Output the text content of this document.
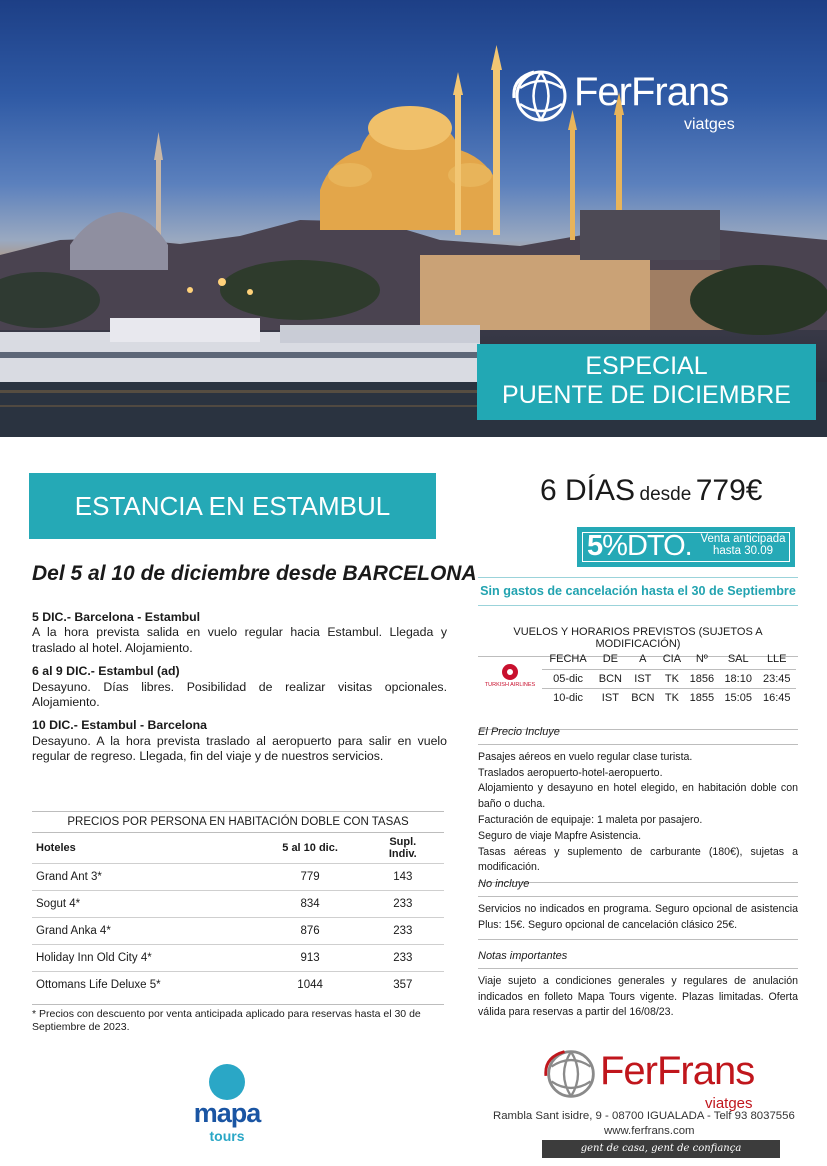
FerFrans
viatges
ESPECIAL
PUENTE DE DICIEMBRE
ESTANCIA EN ESTAMBUL
Del 5 al 10 de diciembre desde BARCELONA
5 DIC.- Barcelona - Estambul
A la hora prevista salida en vuelo regular hacia Estambul. Llegada y traslado al hotel. Alojamiento.
6 al 9 DIC.- Estambul (ad)
Desayuno. Días libres. Posibilidad de realizar visitas opcionales. Alojamiento.
10 DIC.- Estambul - Barcelona
Desayuno. A la hora prevista traslado al aeropuerto para salir en vuelo regular de regreso. Llegada, fin del viaje y de nuestros servicios.
PRECIOS POR PERSONA EN HABITACIÓN DOBLE CON TASAS
Hoteles	5 al 10 dic.	Supl.
Indiv.
Grand Ant 3*	779	143
Sogut 4*	834	233
Grand Anka 4*	876	233
Holiday Inn Old City 4*	913	233
Ottomans Life Deluxe 5*	1044	357
* Precios con descuento por venta anticipada aplicado para reservas hasta el 30 de Septiembre de 2023.
mapa
tours
6 DÍAS desde 779€
5%DTO. Venta anticipada
hasta 30.09
Sin gastos de cancelación hasta el 30 de Septiembre
VUELOS Y HORARIOS PREVISTOS (SUJETOS A MODIFICACIÓN)
TURKISH AIRLINES
FECHA	DE	A	CIA	Nº	SAL	LLE
05-dic	BCN	IST	TK	1856	18:10	23:45
10-dic	IST	BCN	TK	1855	15:05	16:45
El Precio Incluye
Pasajes aéreos en vuelo regular clase turista.
Traslados aeropuerto-hotel-aeropuerto.
Alojamiento y desayuno en hotel elegido, en habitación doble con baño o ducha.
Facturación de equipaje: 1 maleta por pasajero.
Seguro de viaje Mapfre Asistencia.
Tasas aéreas y suplemento de carburante (180€), sujetas a modificación.
No incluye
Servicios no indicados en programa. Seguro opcional de asistencia Plus: 15€. Seguro opcional de cancelación clásico 25€.
Notas importantes
Viaje sujeto a condiciones generales y regulares de anulación indicados en folleto Mapa Tours vigente. Plazas limitadas. Oferta válida para reservas a partir del 16/08/23.
FerFrans
viatges
Rambla Sant isidre, 9 - 08700 IGUALADA - Telf 93 8037556
www.ferfrans.com
gent de casa, gent de confiança
